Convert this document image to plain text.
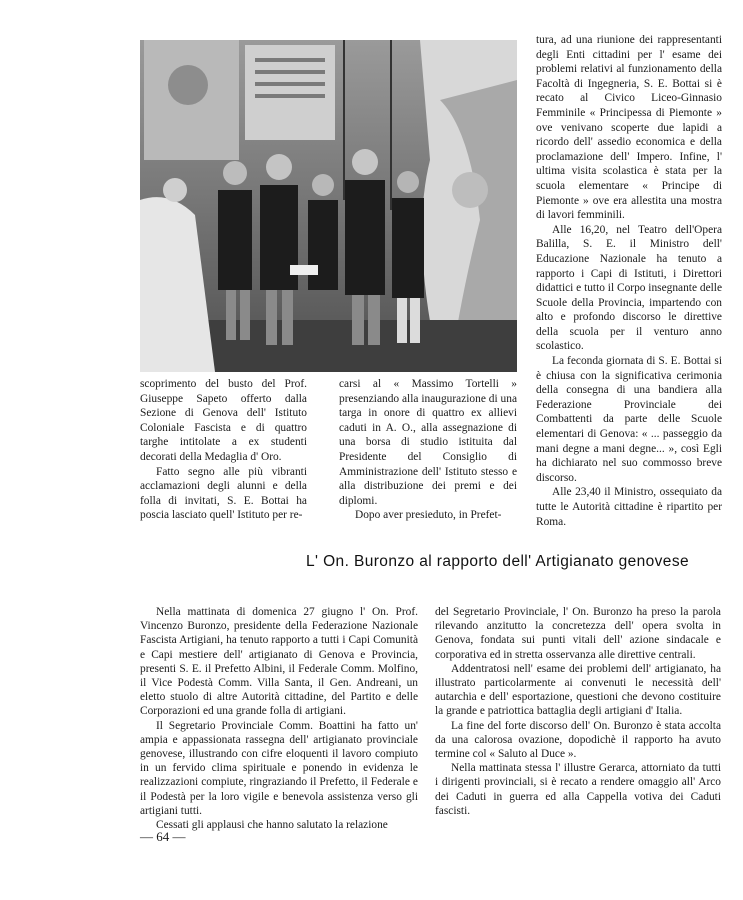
scoprimento del busto del Prof. Giuseppe Sapeto offerto dalla Sezione di Genova dell' Istituto Coloniale Fascista e di quattro targhe intitolate a ex studenti decorati della Medaglia d' Oro.

Fatto segno alle più vibranti acclamazioni degli alunni e della folla di invitati, S. E. Bottai ha poscia lasciato quell' Istituto per re-

carsi al « Massimo Tortelli » presenziando alla inaugurazione di una targa in onore di quattro ex allievi caduti in A. O., alla assegnazione di una borsa di studio istituita dal Presidente del Consiglio di Amministrazione dell' Istituto stesso e alla distribuzione dei premi e dei diplomi.

Dopo aver presieduto, in Prefet-

tura, ad una riunione dei rappresentanti degli Enti cittadini per l' esame dei problemi relativi al funzionamento della Facoltà di Ingegneria, S. E. Bottai si è recato al Civico Liceo-Ginnasio Femminile « Principessa di Piemonte » ove venivano scoperte due lapidi a ricordo dell' assedio economica e della proclamazione dell' Impero. Infine, l' ultima visita scolastica è stata per la scuola elementare « Principe di Piemonte » ove era allestita una mostra di lavori femminili.

Alle 16,20, nel Teatro dell'Opera Balilla, S. E. il Ministro dell' Educazione Nazionale ha tenuto a rapporto i Capi di Istituti, i Direttori didattici e tutto il Corpo insegnante delle Scuole della Provincia, impartendo con alto e profondo discorso le direttive della scuola per il venturo anno scolastico.

La feconda giornata di S. E. Bottai si è chiusa con la significativa cerimonia della consegna di una bandiera alla Federazione Provinciale dei Combattenti da parte delle Scuole elementari di Genova: « ... passeggio da mani degne a mani degne... », così Egli ha dichiarato nel suo commosso breve discorso.

Alle 23,40 il Ministro, ossequiato da tutte le Autorità cittadine è ripartito per Roma.

L' On. Buronzo al rapporto dell' Artigianato genovese

Nella mattinata di domenica 27 giugno l' On. Prof. Vincenzo Buronzo, presidente della Federazione Nazionale Fascista Artigiani, ha tenuto rapporto a tutti i Capi Comunità e Capi mestiere dell' artigianato di Genova e Provincia, presenti S. E. il Prefetto Albini, il Federale Comm. Molfino, il Vice Podestà Comm. Villa Santa, il Gen. Andreani, un eletto stuolo di altre Autorità cittadine, del Partito e delle Corporazioni ed una grande folla di artigiani.

Il Segretario Provinciale Comm. Boattini ha fatto un' ampia e appassionata rassegna dell' artigianato provinciale genovese, illustrando con cifre eloquenti il lavoro compiuto in un fervido clima spirituale e ponendo in evidenza le realizzazioni compiute, ringraziando il Prefetto, il Federale e il Podestà per la loro vigile e benevola assistenza verso gli artigiani tutti.

Cessati gli applausi che hanno salutato la relazione

del Segretario Provinciale, l' On. Buronzo ha preso la parola rilevando anzitutto la concretezza dell' opera svolta in Genova, fondata sui punti vitali dell' azione sindacale e corporativa ed in stretta osservanza alle direttive centrali.

Addentratosi nell' esame dei problemi dell' artigianato, ha illustrato particolarmente ai convenuti le necessità dell' autarchia e dell' esportazione, questioni che devono costituire la grande e patriottica battaglia degli artigiani d' Italia.

La fine del forte discorso dell' On. Buronzo è stata accolta da una calorosa ovazione, dopodichè il rapporto ha avuto termine col « Saluto al Duce ».

Nella mattinata stessa l' illustre Gerarca, attorniato da tutti i dirigenti provinciali, si è recato a rendere omaggio all' Arco dei Caduti in guerra ed alla Cappella votiva dei Caduti fascisti.

— 64 —
